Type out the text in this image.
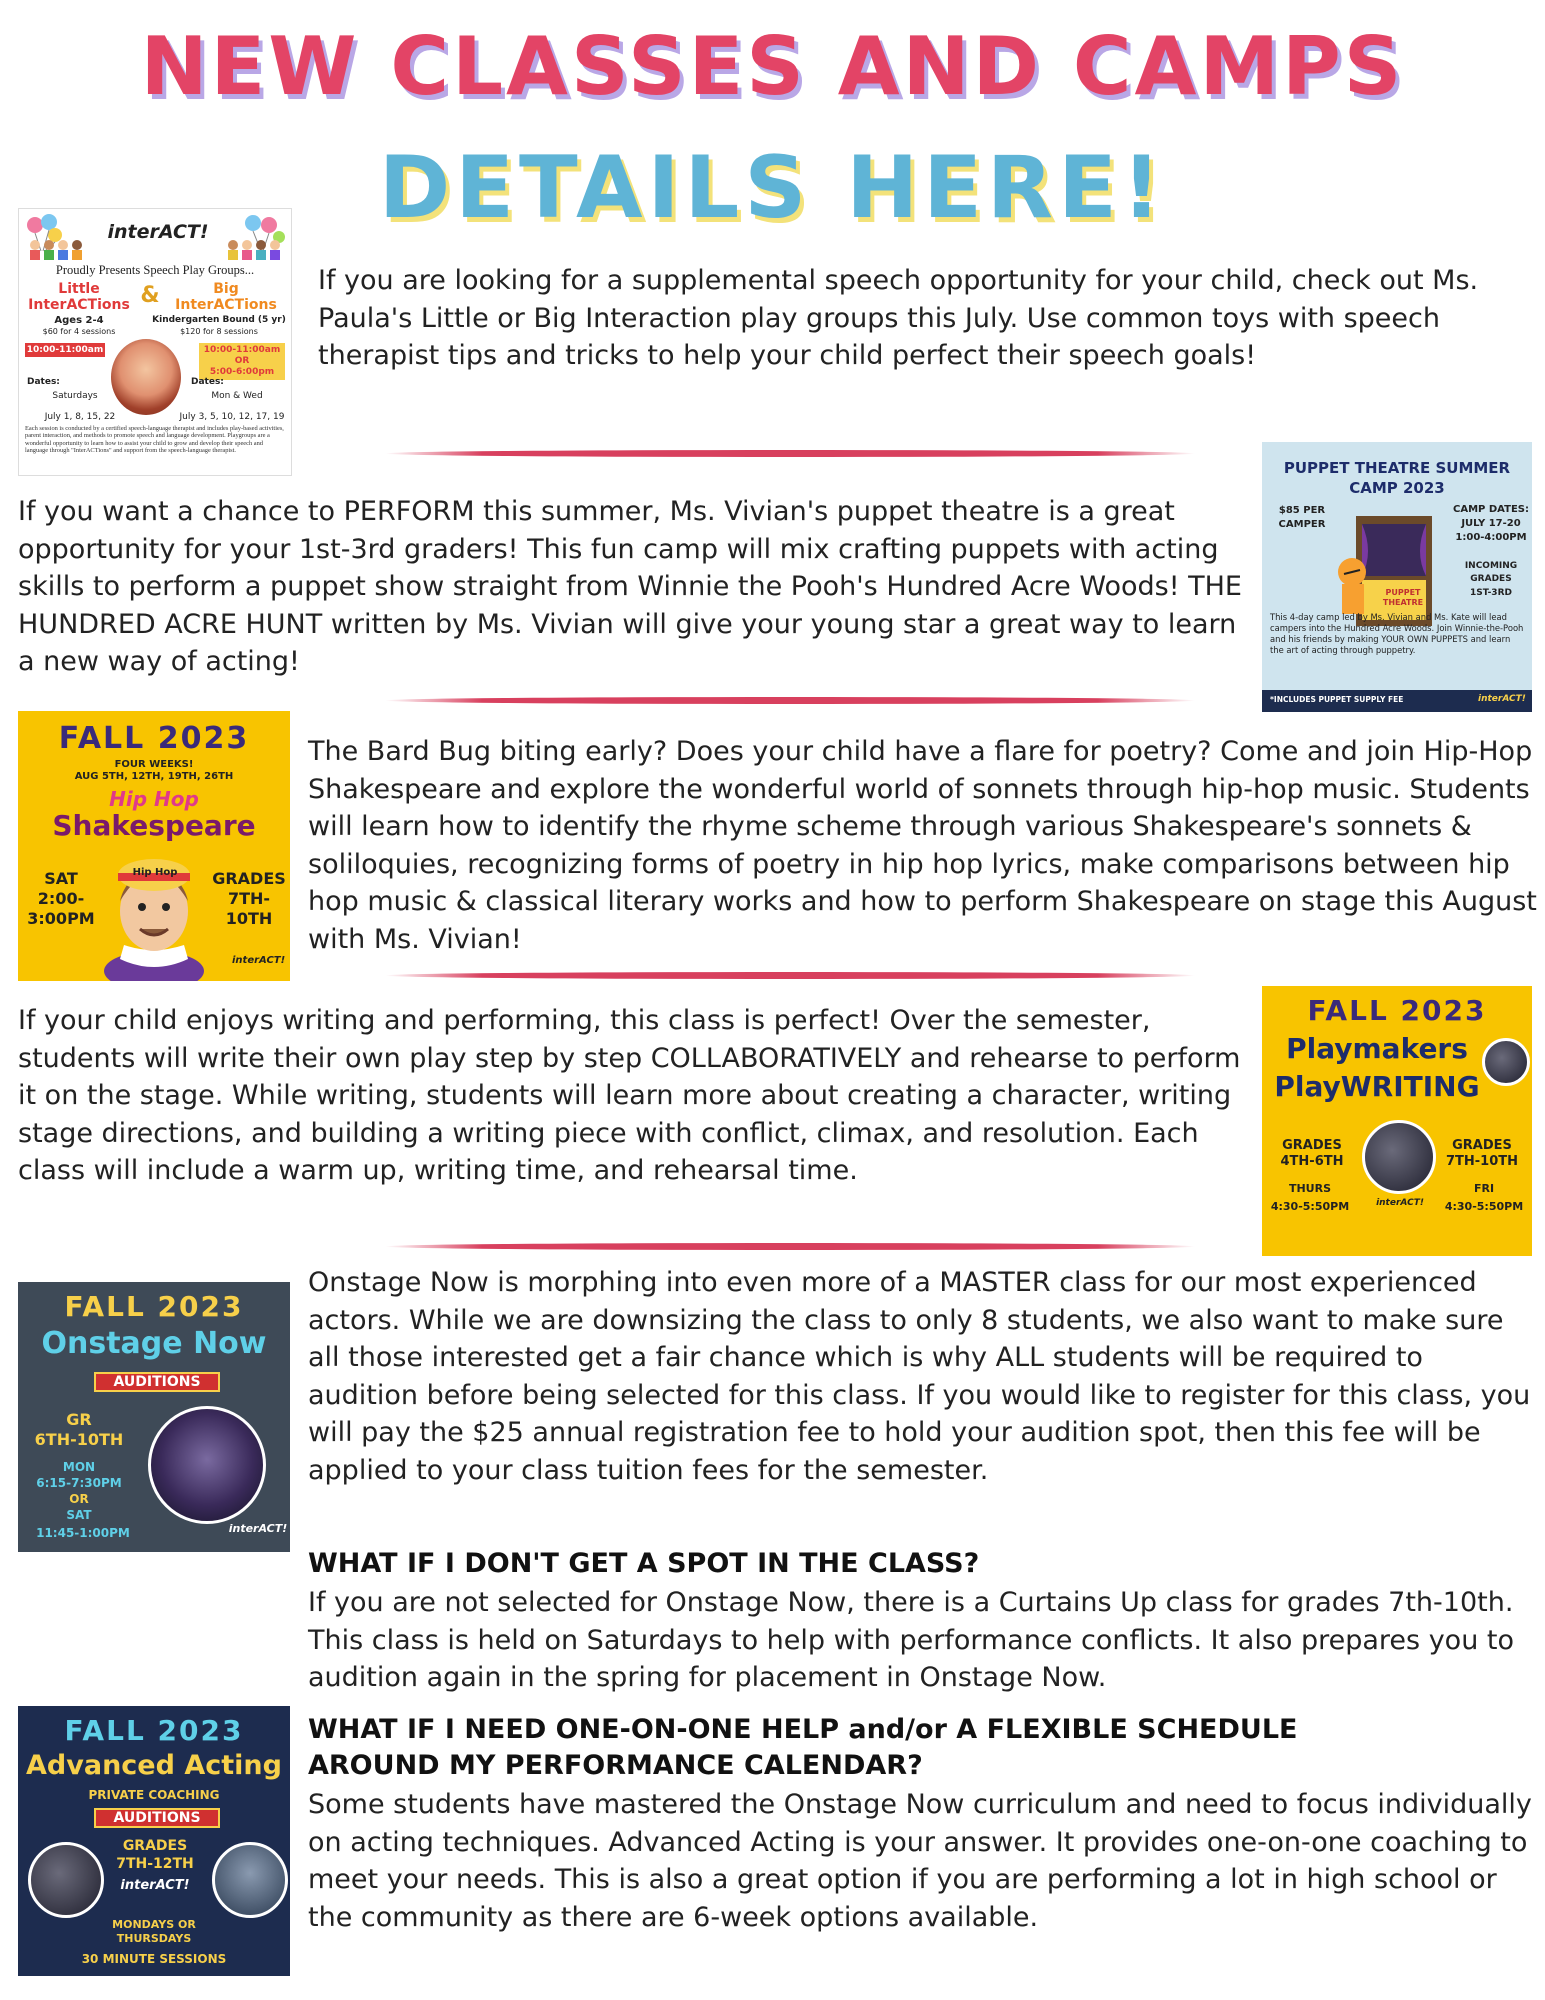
NEW CLASSES AND CAMPS
DETAILS HERE!
interACT!
Proudly Presents Speech Play Groups...
Little InterACTions &	Big InterACTions
Ages 2-4
$60 for 4 sessions
Kindergarten Bound (5 yr)
$120 for 8 sessions
10:00-11:00am	10:00-11:00am
OR
5:00-6:00pm
Dates:	Dates:
Saturdays	Mon & Wed
July 1, 8, 15, 22	July 3, 5, 10, 12, 17, 19
Each session is conducted by a certified speech-language therapist and includes play-based activities, parent interaction, and methods to promote speech and language development. Playgroups are a wonderful opportunity to learn how to assist your child to grow and develop their speech and language through "InterACTions" and support from the speech-language therapist.

If you are looking for a supplemental speech opportunity for your child, check out Ms. Paula's Little or Big Interaction play groups this July. Use common toys with speech therapist tips and tricks to help your child perfect their speech goals!

If you want a chance to PERFORM this summer, Ms. Vivian's puppet theatre is a great opportunity for your 1st-3rd graders! This fun camp will mix crafting puppets with acting skills to perform a puppet show straight from Winnie the Pooh's Hundred Acre Woods! THE HUNDRED ACRE HUNT written by Ms. Vivian will give your young star a great way to learn a new way of acting!

PUPPET THEATRE SUMMER CAMP 2023
$85 PER CAMPER
PUPPET THEATRE
CAMP DATES:
JULY 17-20
1:00-4:00PM
INCOMING GRADES
1ST-3RD
This 4-day camp led by Ms. Vivian and Ms. Kate will lead campers into the Hundred Acre Woods. Join Winnie-the-Pooh and his friends by making YOUR OWN PUPPETS and learn the art of acting through puppetry.
*INCLUDES PUPPET SUPPLY FEE	interACT!
FALL 2023
FOUR WEEKS!
AUG 5TH, 12TH, 19TH, 26TH
Hip Hop
Shakespeare
Hip Hop
SAT
2:00-3:00PM
GRADES
7TH-10TH
interACT!

The Bard Bug biting early? Does your child have a flare for poetry? Come and join Hip-Hop Shakespeare and explore the wonderful world of sonnets through hip-hop music. Students will learn how to identify the rhyme scheme through various Shakespeare's sonnets & soliloquies, recognizing forms of poetry in hip hop lyrics, make comparisons between hip hop music & classical literary works and how to perform Shakespeare on stage this August with Ms. Vivian!

If your child enjoys writing and performing, this class is perfect! Over the semester, students will write their own play step by step COLLABORATIVELY and rehearse to perform it on the stage. While writing, students will learn more about creating a character, writing stage directions, and building a writing piece with conflict, climax, and resolution. Each class will include a warm up, writing time, and rehearsal time.

FALL 2023
Playmakers
PlayWRITING
GRADES
4TH-6TH
GRADES
7TH-10TH
THURS
4:30-5:50PM
FRI
4:30-5:50PM
interACT!
FALL 2023
Onstage Now
AUDITIONS
GR
6TH-10TH
MON
6:15-7:30PM
OR
SAT
11:45-1:00PM	interACT!

Onstage Now is morphing into even more of a MASTER class for our most experienced actors. While we are downsizing the class to only 8 students, we also want to make sure all those interested get a fair chance which is why ALL students will be required to audition before being selected for this class. If you would like to register for this class, you will pay the $25 annual registration fee to hold your audition spot, then this fee will be applied to your class tuition fees for the semester.

WHAT IF I DON'T GET A SPOT IN THE CLASS?

If you are not selected for Onstage Now, there is a Curtains Up class for grades 7th-10th. This class is held on Saturdays to help with performance conflicts. It also prepares you to audition again in the spring for placement in Onstage Now.

FALL 2023
Advanced Acting
PRIVATE COACHING
AUDITIONS
GRADES
7TH-12TH
interACT!
MONDAYS OR THURSDAYS
30 MINUTE SESSIONS

WHAT IF I NEED ONE-ON-ONE HELP and/or A FLEXIBLE SCHEDULE AROUND MY PERFORMANCE CALENDAR?

Some students have mastered the Onstage Now curriculum and need to focus individually on acting techniques. Advanced Acting is your answer. It provides one-on-one coaching to meet your needs. This is also a great option if you are performing a lot in high school or the community as there are 6-week options available.
